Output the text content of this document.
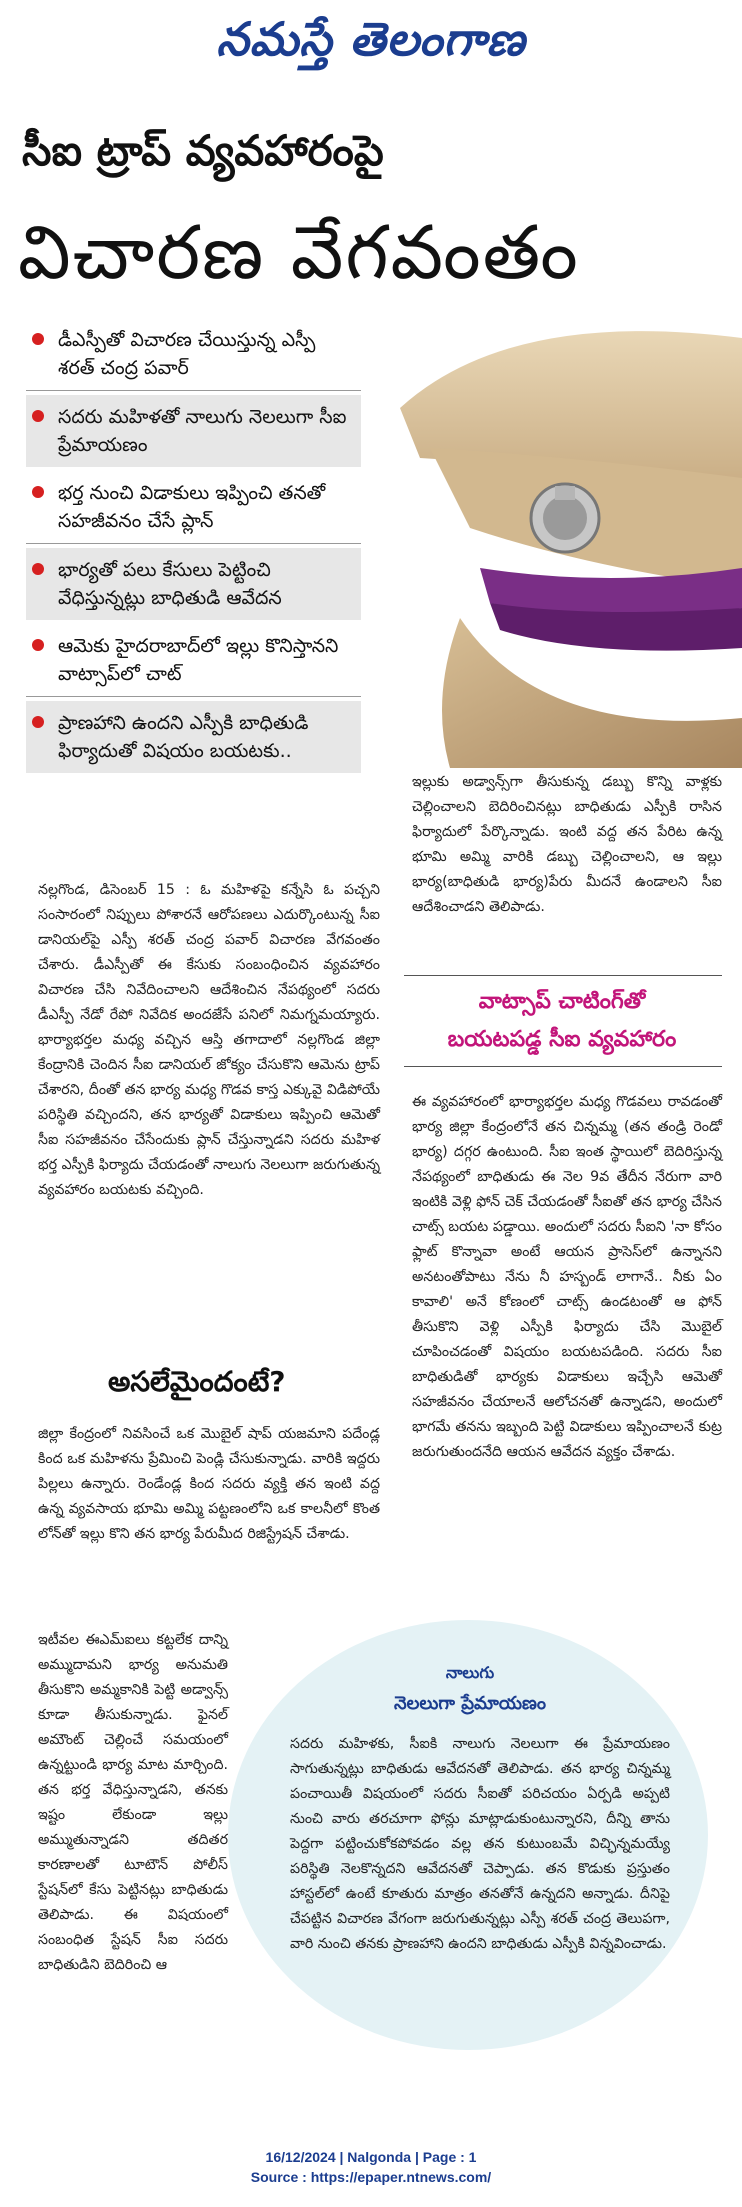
నమస్తే తెలంగాణ
సీఐ ట్రాప్ వ్యవహారంపై
విచారణ వేగవంతం
డీఎస్పీతో విచారణ చేయిస్తున్న ఎస్పీ శరత్ చంద్ర పవార్
సదరు మహిళతో నాలుగు నెలలుగా సీఐ ప్రేమాయణం
భర్త నుంచి విడాకులు ఇప్పించి తనతో సహజీవనం చేసే ప్లాన్
భార్యతో పలు కేసులు పెట్టించి వేధిస్తున్నట్లు బాధితుడి ఆవేదన
ఆమెకు హైదరాబాద్‌లో ఇల్లు కొనిస్తానని వాట్సాప్‌లో చాట్
ప్రాణహాని ఉందని ఎస్పీకి బాధితుడి ఫిర్యాదుతో విషయం బయటకు..

నల్లగొండ, డిసెంబర్ 15 : ఓ మహిళపై కన్నేసి ఓ పచ్చని సంసారంలో నిప్పులు పోశారనే ఆరోపణలు ఎదుర్కొంటున్న సీఐ డానియల్‌పై ఎస్పీ శరత్ చంద్ర పవార్ విచారణ వేగవంతం చేశారు. డీఎస్పీతో ఈ కేసుకు సంబంధించిన వ్యవహారం విచారణ చేసి నివేదించాలని ఆదేశించిన నేపథ్యంలో సదరు డీఎస్పీ నేడో రేపో నివేదిక అందజేసే పనిలో నిమగ్నమయ్యారు. భార్యాభర్తల మధ్య వచ్చిన ఆస్తి తగాదాలో నల్లగొండ జిల్లా కేంద్రానికి చెందిన సీఐ డానియల్ జోక్యం చేసుకొని ఆమెను ట్రాప్ చేశారని, దీంతో తన భార్య మధ్య గొడవ కాస్త ఎక్కువై విడిపోయే పరిస్థితి వచ్చిందని, తన భార్యతో విడాకులు ఇప్పించి ఆమెతో సీఐ సహజీవనం చేసేందుకు ప్లాన్ చేస్తున్నాడని సదరు మహిళ భర్త ఎస్పీకి ఫిర్యాదు చేయడంతో నాలుగు నెలలుగా జరుగుతున్న వ్యవహారం బయటకు వచ్చింది.

అసలేమైందంటే?

జిల్లా కేంద్రంలో నివసించే ఒక మొబైల్ షాప్ యజమాని పదేండ్ల కింద ఒక మహిళను ప్రేమించి పెండ్లి చేసుకున్నాడు. వారికి ఇద్దరు పిల్లలు ఉన్నారు. రెండేండ్ల కింద సదరు వ్యక్తి తన ఇంటి వద్ద ఉన్న వ్యవసాయ భూమి అమ్మి పట్టణంలోని ఒక కాలనీలో కొంత లోన్‌తో ఇల్లు కొని తన భార్య పేరుమీద రిజిస్ట్రేషన్ చేశాడు.

ఇటీవల ఈఎమ్‌ఐలు కట్టలేక దాన్ని అమ్ముదామని భార్య అనుమతి తీసుకొని అమ్మకానికి పెట్టి అడ్వాన్స్ కూడా తీసుకున్నాడు. ఫైనల్ అమౌంట్ చెల్లించే సమయంలో ఉన్నట్టుండి భార్య మాట మార్చింది. తన భర్త వేధిస్తున్నాడని, తనకు ఇష్టం లేకుండా ఇల్లు అమ్ముతున్నాడని తదితర కారణాలతో టూటౌన్ పోలీస్ స్టేషన్‌లో కేసు పెట్టినట్లు బాధితుడు తెలిపాడు. ఈ విషయంలో సంబంధిత స్టేషన్ సీఐ సదరు బాధితుడిని బెదిరించి ఆ

ఇల్లుకు అడ్వాన్స్‌గా తీసుకున్న డబ్బు కొన్ని వాళ్లకు చెల్లించాలని బెదిరించినట్లు బాధితుడు ఎస్పీకి రాసిన ఫిర్యాదులో పేర్కొన్నాడు. ఇంటి వద్ద తన పేరిట ఉన్న భూమి అమ్మి వారికి డబ్బు చెల్లించాలని, ఆ ఇల్లు భార్య(బాధితుడి భార్య)పేరు మీదనే ఉండాలని సీఐ ఆదేశించాడని తెలిపాడు.

వాట్సాప్ చాటింగ్‌తో
బయటపడ్డ సీఐ వ్యవహారం

ఈ వ్యవహారంలో భార్యాభర్తల మధ్య గొడవలు రావడంతో భార్య జిల్లా కేంద్రంలోనే తన చిన్నమ్మ (తన తండ్రి రెండో భార్య) దగ్గర ఉంటుంది. సీఐ ఇంత స్థాయిలో బెదిరిస్తున్న నేపథ్యంలో బాధితుడు ఈ నెల 9వ తేదీన నేరుగా వారి ఇంటికి వెళ్లి ఫోన్ చెక్ చేయడంతో సీఐతో తన భార్య చేసిన చాట్స్ బయట పడ్డాయి. అందులో సదరు సీఐని 'నా కోసం ఫ్లాట్ కొన్నావా అంటే ఆయన ప్రాసెస్‌లో ఉన్నానని అనటంతోపాటు నేను నీ హస్బండ్ లాగానే.. నీకు ఏం కావాలి' అనే కోణంలో చాట్స్ ఉండటంతో ఆ ఫోన్ తీసుకొని వెళ్లి ఎస్పీకి ఫిర్యాదు చేసి మొబైల్ చూపించడంతో విషయం బయటపడింది. సదరు సీఐ బాధితుడితో భార్యకు విడాకులు ఇచ్చేసి ఆమెతో సహజీవనం చేయాలనే ఆలోచనతో ఉన్నాడని, అందులో భాగమే తనను ఇబ్బంది పెట్టి విడాకులు ఇప్పించాలనే కుట్ర జరుగుతుందనేది ఆయన ఆవేదన వ్యక్తం చేశాడు.

నాలుగు
నెలలుగా ప్రేమాయణం

సదరు మహిళకు, సీఐకి నాలుగు నెలలుగా ఈ ప్రేమాయణం సాగుతున్నట్లు బాధితుడు ఆవేదనతో తెలిపాడు. తన భార్య చిన్నమ్మ పంచాయితీ విషయంలో సదరు సీఐతో పరిచయం ఏర్పడి అప్పటి నుంచి వారు తరచూగా ఫోన్లు మాట్లాడుకుంటున్నారని, దీన్ని తాను పెద్దగా పట్టించుకోకపోవడం వల్ల తన కుటుంబమే విచ్ఛిన్నమయ్యే పరిస్థితి నెలకొన్నదని ఆవేదనతో చెప్పాడు. తన కొడుకు ప్రస్తుతం హాస్టల్‌లో ఉంటే కూతురు మాత్రం తనతోనే ఉన్నదని అన్నాడు. దీనిపై చేపట్టిన విచారణ వేగంగా జరుగుతున్నట్లు ఎస్పీ శరత్ చంద్ర తెలుపగా, వారి నుంచి తనకు ప్రాణహాని ఉందని బాధితుడు ఎస్పీకి విన్నవించాడు.

16/12/2024 | Nalgonda | Page : 1
Source : https://epaper.ntnews.com/
